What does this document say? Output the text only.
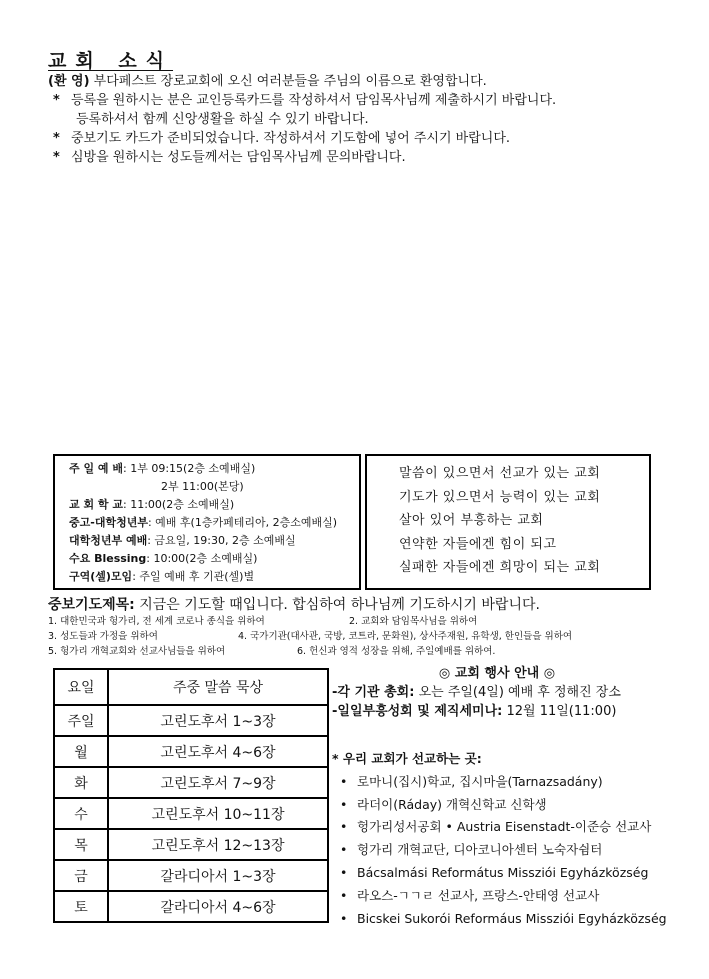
교회 소식
(환 영) 부다페스트 장로교회에 오신 여러분들을 주님의 이름으로 환영합니다.
* 등록을 원하시는 분은 교인등록카드를 작성하셔서 담임목사님께 제출하시기 바랍니다.
등록하셔서 함께 신앙생활을 하실 수 있기 바랍니다.
* 중보기도 카드가 준비되었습니다. 작성하셔서 기도함에 넣어 주시기 바랍니다.
* 심방을 원하시는 성도들께서는 담임목사님께 문의바랍니다.
주 일 예 배: 1부 09:15(2층 소예배실)
2부 11:00(본당)
교 회 학 교: 11:00(2층 소예배실)
중고-대학청년부: 예배 후(1층카페테리아, 2층소예배실)
대학청년부 예배: 금요일, 19:30, 2층 소예배실
수요 Blessing: 10:00(2층 소예배실)
구역(셀)모임: 주일 예배 후 기관(셀)별
말씀이 있으면서 선교가 있는 교회
기도가 있으면서 능력이 있는 교회
살아 있어 부흥하는 교회
연약한 자들에겐 힘이 되고
실패한 자들에겐 희망이 되는 교회
중보기도제목: 지금은 기도할 때입니다. 합심하여 하나님께 기도하시기 바랍니다.
1. 대한민국과 헝가리, 전 세계 코로나 종식을 위하여	2. 교회와 담임목사님을 위하여
3. 성도들과 가정을 위하여	4. 국가기관(대사관, 국방, 코트라, 문화원), 상사주재원, 유학생, 한인들을 위하여
5. 헝가리 개혁교회와 선교사님들을 위하여	6. 헌신과 영적 성장을 위해, 주일예배를 위하여.
요일	주중 말씀 묵상
주일	고린도후서 1~3장
월	고린도후서 4~6장
화	고린도후서 7~9장
수	고린도후서 10~11장
목	고린도후서 12~13장
금	갈라디아서 1~3장
토	갈라디아서 4~6장
◎ 교회 행사 안내 ◎
-각 기관 총회: 오는 주일(4일) 예배 후 정해진 장소
-일일부흥성회 및 제직세미나: 12월 11일(11:00)
* 우리 교회가 선교하는 곳:
• 로마니(집시)학교, 집시마을(Tarnazsadány)
• 라더이(Ráday) 개혁신학교 신학생
• 헝가리성서공회 • Austria Eisenstadt-이준승 선교사
• 헝가리 개혁교단, 디아코니아센터 노숙자쉼터
• Bácsalmási Református Missziói Egyházközség
• 라오스-ㄱㄱㄹ 선교사, 프랑스-안태영 선교사
• Bicskei Sukorói Reformáus Missziói Egyházközség
